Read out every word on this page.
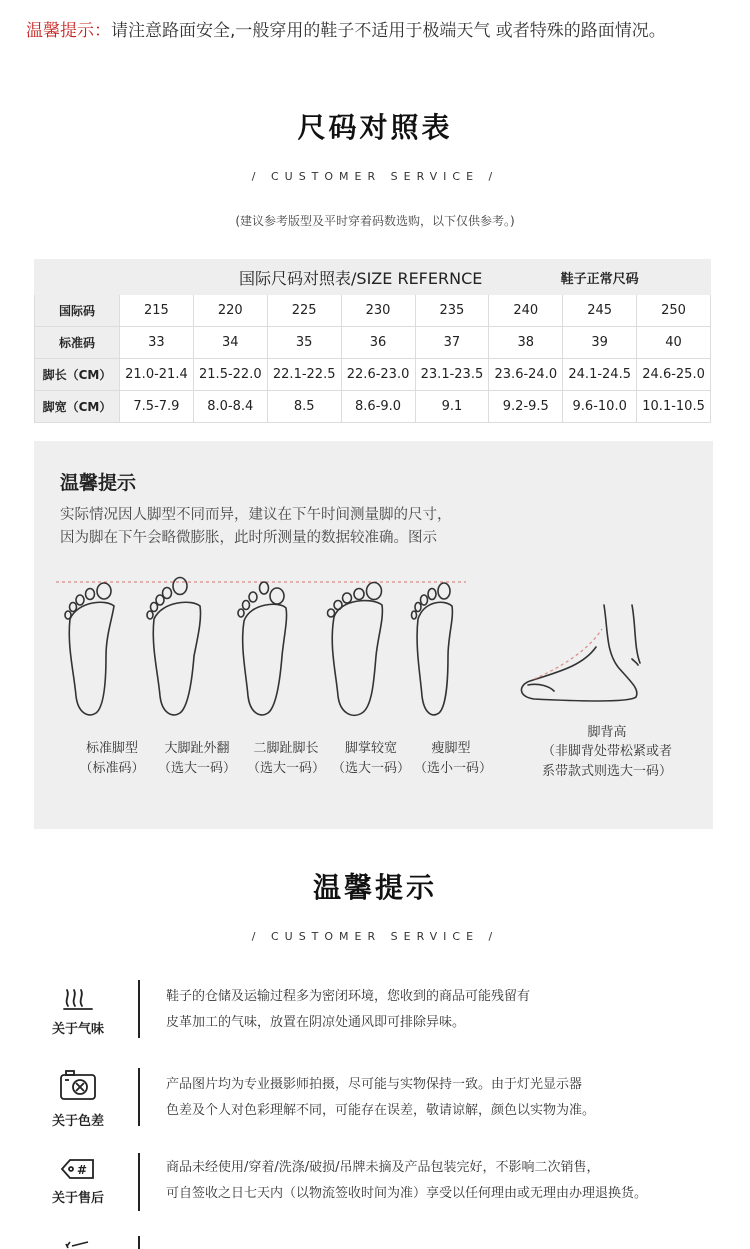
温馨提示：请注意路面安全,一般穿用的鞋子不适用于极端天气 或者特殊的路面情况。
尺码对照表
/ CUSTOMER SERVICE /
(建议参考版型及平时穿着码数选购，以下仅供参考。)
国际尺码对照表/SIZE REFERNCE						鞋子正常尺码		
国际码	215	220	225	230	235	240	245	250
标准码	33	34	35	36	37	38	39	40
脚长（CM）	21.0-21.4	21.5-22.0	22.1-22.5	22.6-23.0	23.1-23.5	23.6-24.0	24.1-24.5	24.6-25.0
脚宽（CM）	7.5-7.9	8.0-8.4	8.5	8.6-9.0	9.1	9.2-9.5	9.6-10.0	10.1-10.5
温馨提示
实际情况因人脚型不同而异，建议在下午时间测量脚的尺寸，
因为脚在下午会略微膨胀，此时所测量的数据较准确。图示
标准脚型
（标准码）
大脚趾外翻
（选大一码）
二脚趾脚长
（选大一码）
脚掌较宽
（选大一码）
瘦脚型
（选小一码）
脚背高
（非脚背处带松紧或者
系带款式则选大一码）
温馨提示
/ CUSTOMER SERVICE /
关于气味
鞋子的仓储及运输过程多为密闭环境，您收到的商品可能残留有
皮革加工的气味，放置在阴凉处通风即可排除异味。
关于色差
产品图片均为专业摄影师拍摄，尽可能与实物保持一致。由于灯光显示器
色差及个人对色彩理解不同，可能存在误差，敬请谅解，颜色以实物为准。
#
关于售后
商品未经使用/穿着/洗涤/破损/吊牌未摘及产品包装完好，不影响二次销售，
可自签收之日七天内（以物流签收时间为准）享受以任何理由或无理由办理退换货。
